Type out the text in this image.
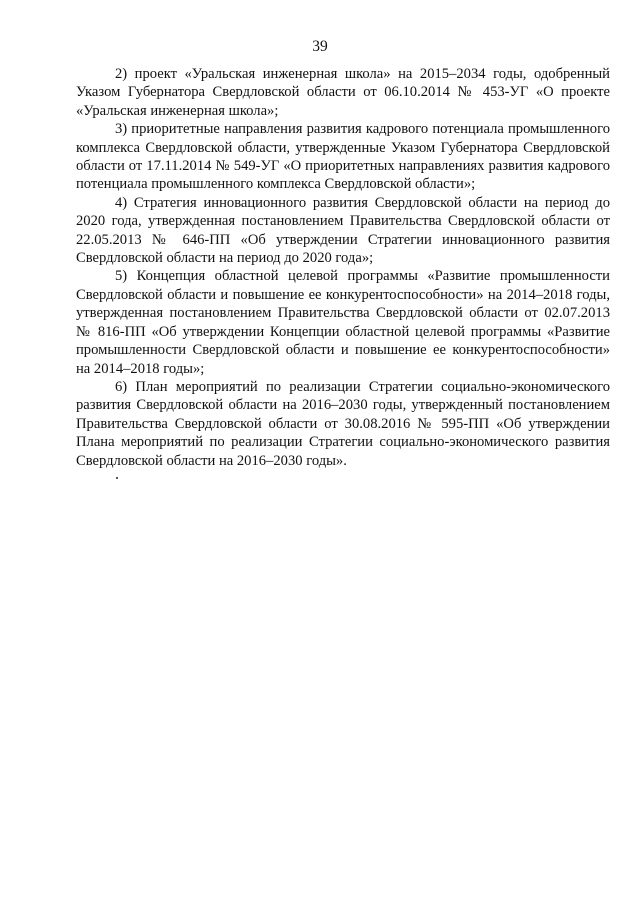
39

2) проект «Уральская инженерная школа» на 2015–2034 годы, одобренный Указом Губернатора Свердловской области от 06.10.2014 № 453-УГ «О проекте «Уральская инженерная школа»;

3) приоритетные направления развития кадрового потенциала промышленного комплекса Свердловской области, утвержденные Указом Губернатора Свердловской области от 17.11.2014 № 549-УГ «О приоритетных направлениях развития кадрового потенциала промышленного комплекса Свердловской области»;

4) Стратегия инновационного развития Свердловской области на период до 2020 года, утвержденная постановлением Правительства Свердловской области от 22.05.2013 № 646-ПП «Об утверждении Стратегии инновационного развития Свердловской области на период до 2020 года»;

5) Концепция областной целевой программы «Развитие промышленности Свердловской области и повышение ее конкурентоспособности» на 2014–2018 годы, утвержденная постановлением Правительства Свердловской области от 02.07.2013 № 816-ПП «Об утверждении Концепции областной целевой программы «Развитие промышленности Свердловской области и повышение ее конкурентоспособности» на 2014–2018 годы»;

6) План мероприятий по реализации Стратегии социально-экономического развития Свердловской области на 2016–2030 годы, утвержденный постановлением Правительства Свердловской области от 30.08.2016 № 595-ПП «Об утверждении Плана мероприятий по реализации Стратегии социально-экономического развития Свердловской области на 2016–2030 годы».
